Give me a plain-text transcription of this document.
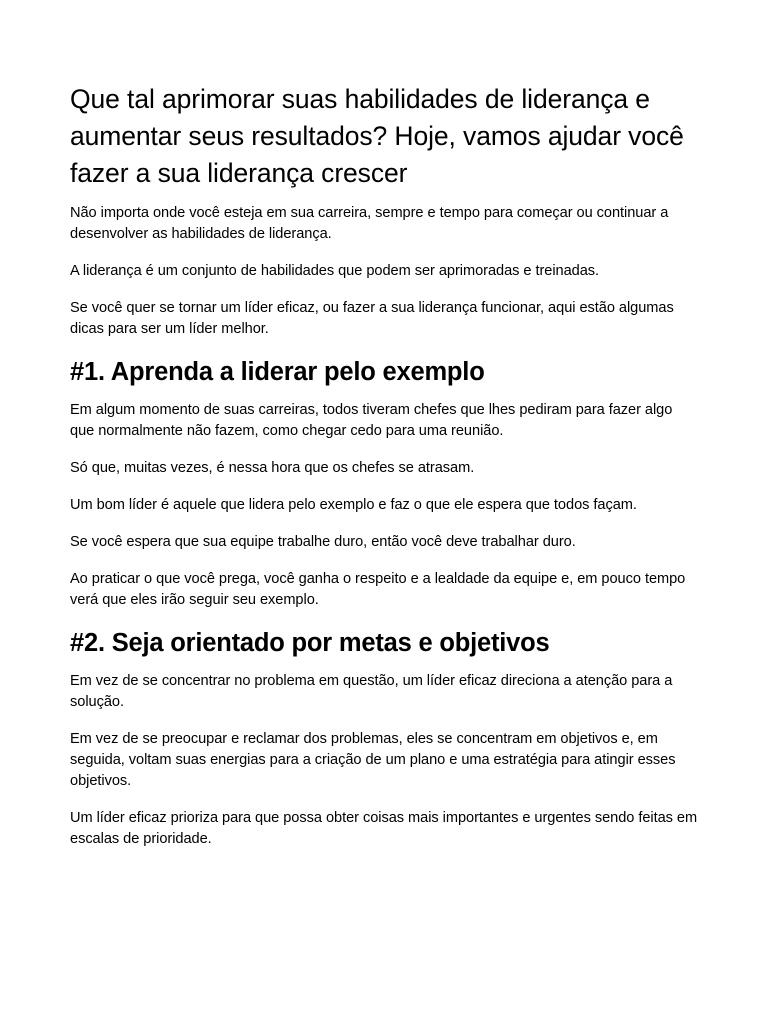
Que tal aprimorar suas habilidades de liderança e aumentar seus resultados? Hoje, vamos ajudar você fazer a sua liderança crescer

Não importa onde você esteja em sua carreira, sempre e tempo para começar ou continuar a desenvolver as habilidades de liderança.

A liderança é um conjunto de habilidades que podem ser aprimoradas e treinadas.

Se você quer se tornar um líder eficaz, ou fazer a sua liderança funcionar, aqui estão algumas dicas para ser um líder melhor.

#1. Aprenda a liderar pelo exemplo

Em algum momento de suas carreiras, todos tiveram chefes que lhes pediram para fazer algo que normalmente não fazem, como chegar cedo para uma reunião.

Só que, muitas vezes, é nessa hora que os chefes se atrasam.

Um bom líder é aquele que lidera pelo exemplo e faz o que ele espera que todos façam.

Se você espera que sua equipe trabalhe duro, então você deve trabalhar duro.

Ao praticar o que você prega, você ganha o respeito e a lealdade da equipe e, em pouco tempo verá que eles irão seguir seu exemplo.

#2. Seja orientado por metas e objetivos

Em vez de se concentrar no problema em questão, um líder eficaz direciona a atenção para a solução.

Em vez de se preocupar e reclamar dos problemas, eles se concentram em objetivos e, em seguida, voltam suas energias para a criação de um plano e uma estratégia para atingir esses objetivos.

Um líder eficaz prioriza para que possa obter coisas mais importantes e urgentes sendo feitas em escalas de prioridade.
